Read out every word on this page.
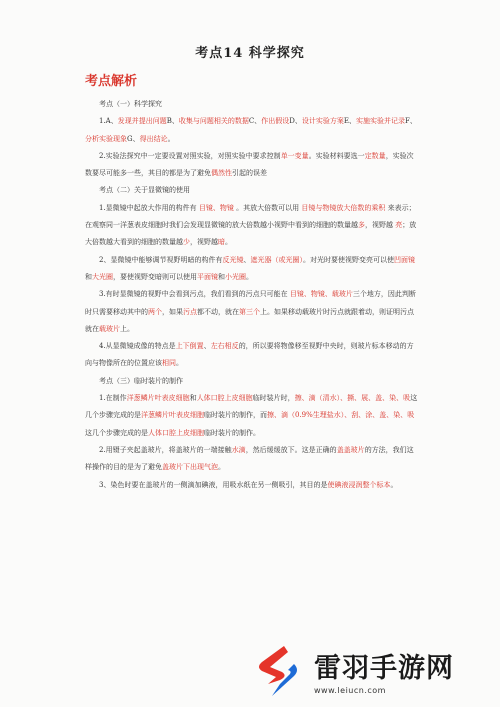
考点14 科学探究
考点解析

考点（一）科学探究

1.A、发现并提出问题B、收集与问题相关的数据C、作出假设D、设计实验方案E、实施实验并记录F、分析实验现象G、得出结论。

2.实验法探究中一定要设置对照实验，对照实验中要求控制单一变量。实验材料要选一定数量，实验次数要尽可能多一些，其目的都是为了避免偶然性引起的误差

考点（二）关于显微镜的使用

1.显微镜中起放大作用的构件有 目镜、物镜 。其放大倍数可以用 目镜与物镜放大倍数的乘积 来表示；在观察同一洋葱表皮细胞时我们会发现显微镜的放大倍数越小视野中看到的细胞的数量越多，视野越 亮；放大倍数越大看到的细胞的数量越少，视野越暗。

2、显微镜中能够调节视野明暗的构件有反光镜、遮光器（或光圈）。对光时要使视野变亮可以使凹面镜 和大光圈，要使视野变暗则可以使用平面镜和小光圈。

3.有时显微镜的视野中会看到污点，我们看到的污点只可能在 目镜、物镜、载玻片三个地方，因此判断时只需要移动其中的两个，如果污点都不动，就在第三个上。如果移动载玻片时污点就跟着动，则证明污点就在载玻片上。

4.从显微镜成像的特点是上下倒置、左右相反的，所以要将物像移至视野中央时，则玻片标本移动的方向与物像所在的位置应该相同。

考点（三）临时装片的制作

1.在制作洋葱鳞片叶表皮细胞和人体口腔上皮细胞临时装片时，擦、滴（清水）、撕、展、盖、染、吸这几个步骤完成的是洋葱鳞片叶表皮细胞临时装片的制作，而擦、滴（0.9%生理盐水）、刮、涂、盖、染、吸这几个步骤完成的是人体口腔上皮细胞临时装片的制作。

2.用镊子夹起盖玻片，将盖玻片的一端接触水滴，然后缓缓放下。这是正确的盖盖玻片的方法，我们这样操作的目的是为了避免盖玻片下出现气泡。

3、染色时要在盖玻片的一侧滴加碘液，用吸水纸在另一侧吸引，其目的是使碘液浸润整个标本。

雷羽手游网
www.leiucn.com
